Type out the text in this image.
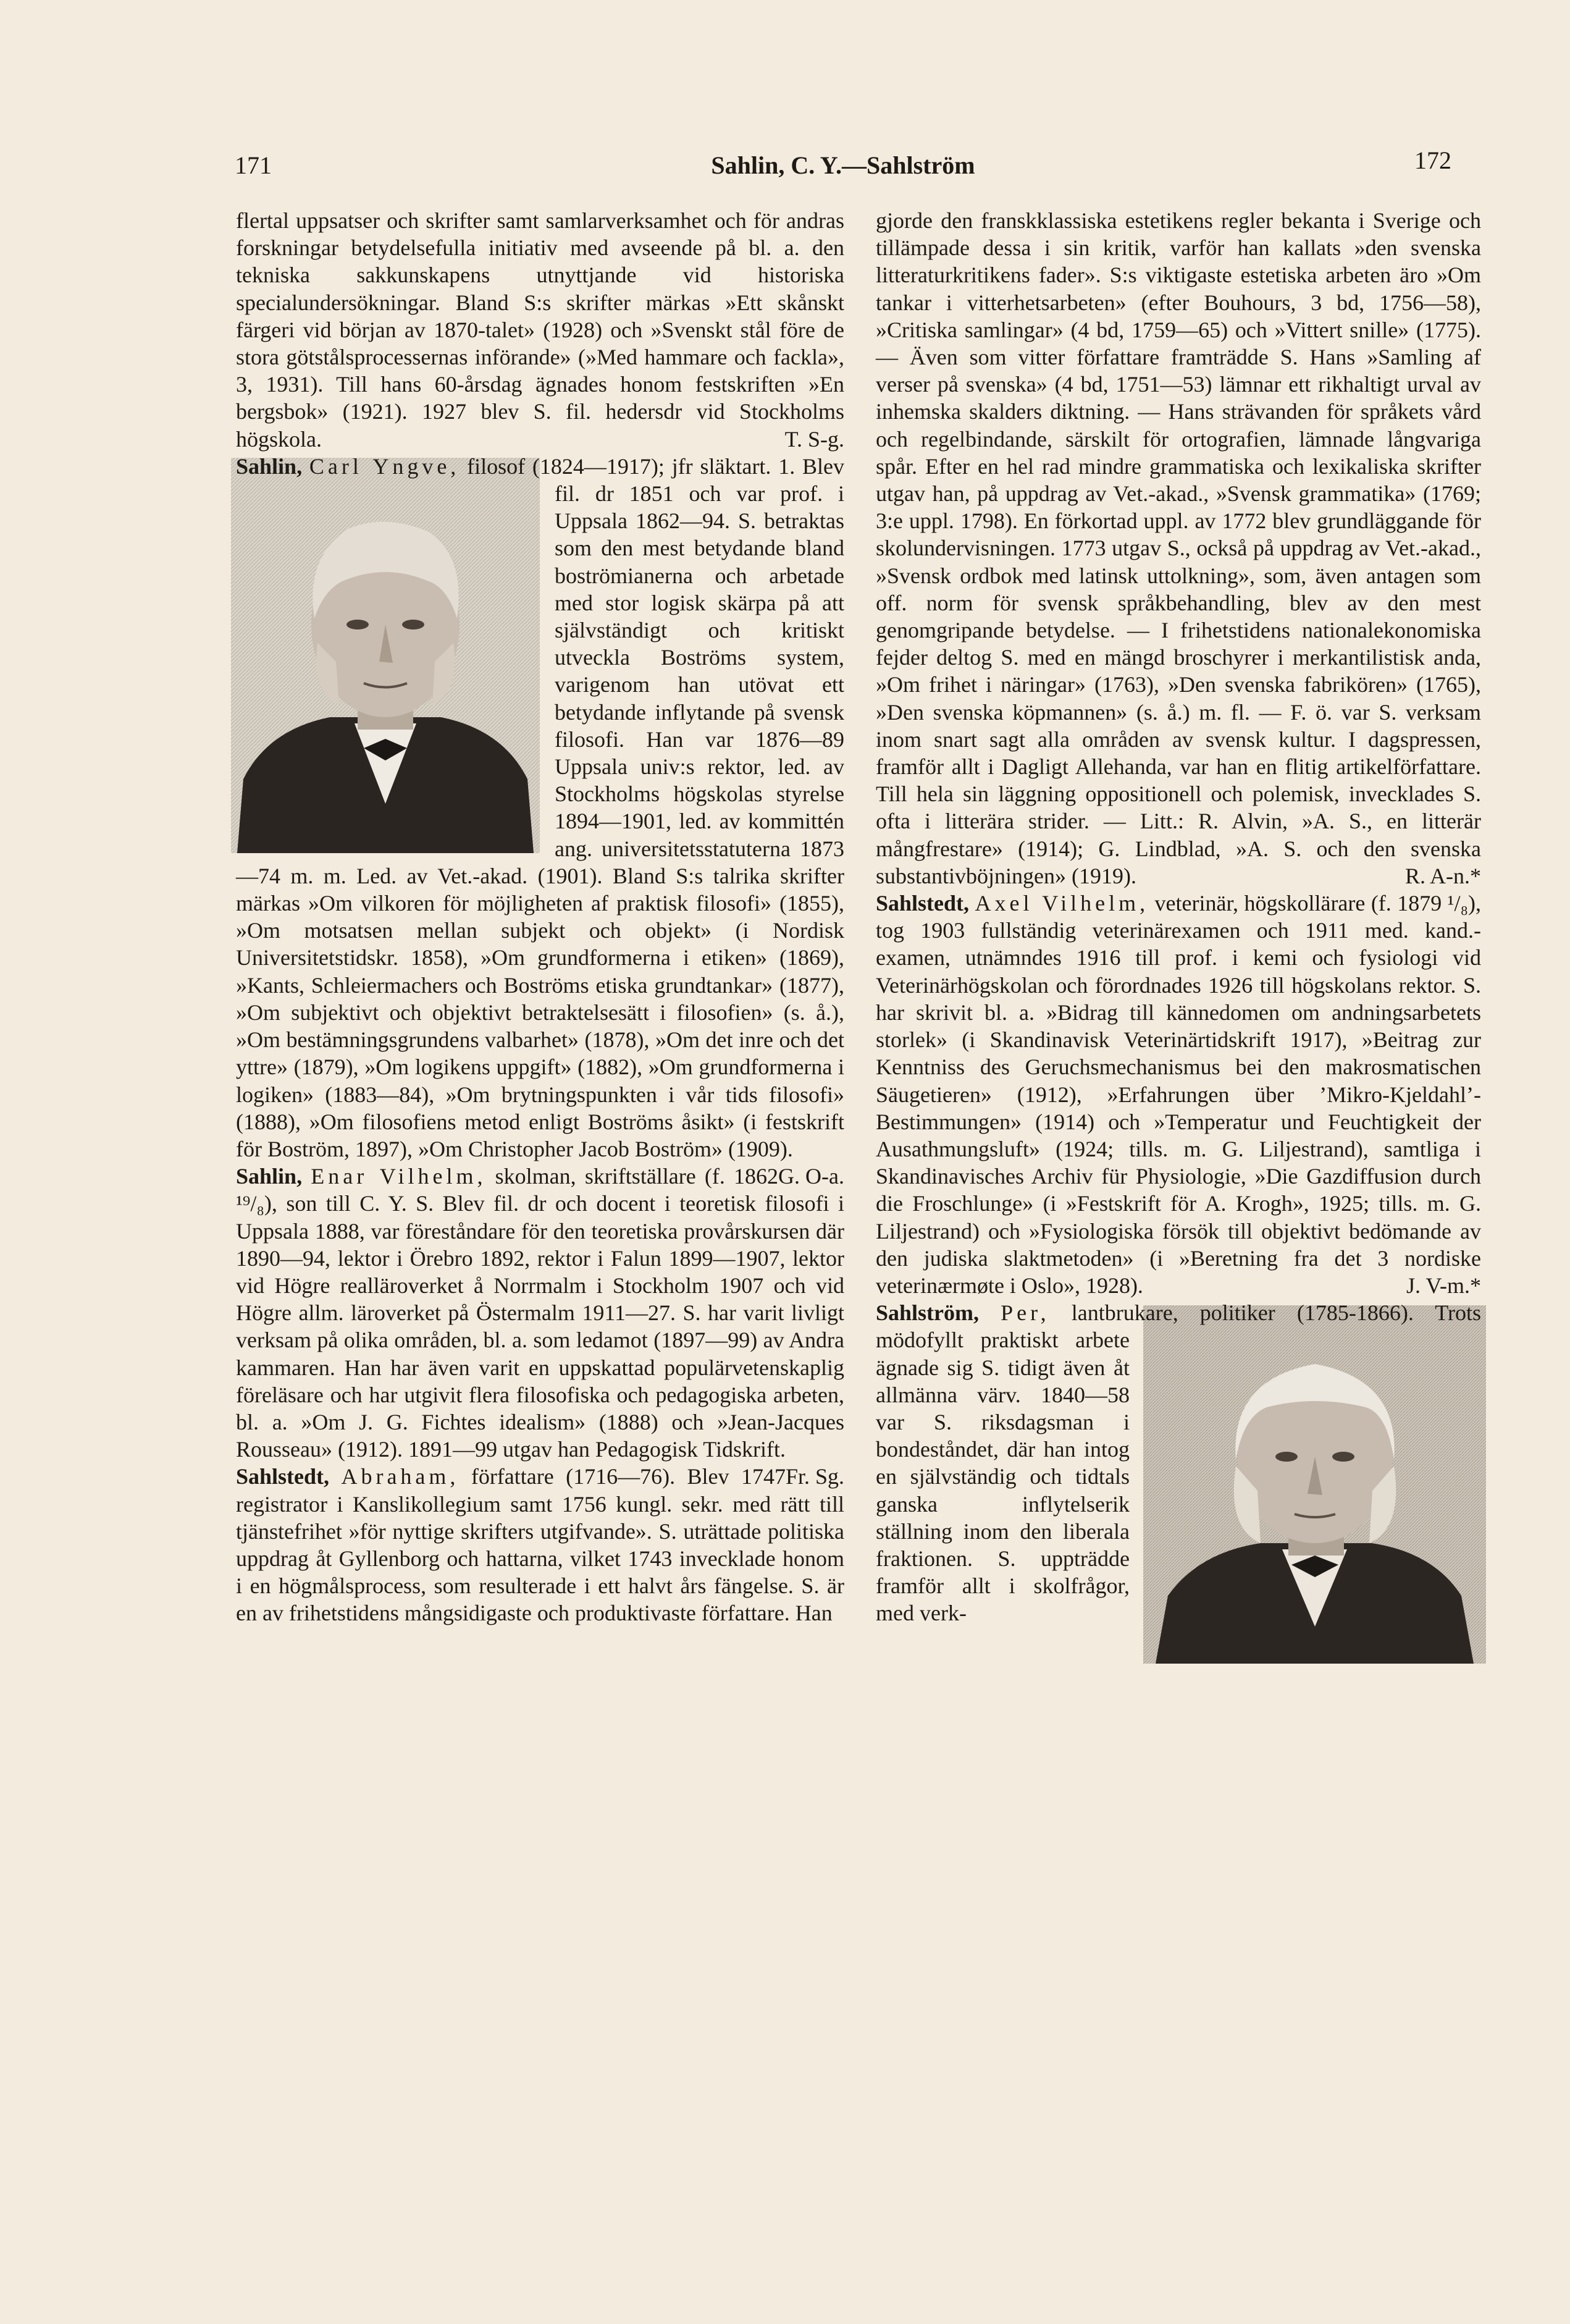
171	Sahlin, C. Y.—Sahlström	172

flertal uppsatser och skrifter samt samlarverksamhet och för andras forskningar betydelsefulla initiativ med avseende på bl. a. den tekniska sakkunskapens utnyttjande vid historiska specialundersökningar. Bland S:s skrifter märkas »Ett skånskt färgeri vid början av 1870-talet» (1928) och »Svenskt stål före de stora götstålsprocessernas införande» (»Med hammare och fackla», 3, 1931). Till hans 60-årsdag ägnades honom festskriften »En bergsbok» (1921). 1927 blev S. fil. hedersdr vid Stockholms högskola.	T. S-g.

Sahlin, Carl Yngve, filosof (1824—1917); jfr släktart. 1. Blev fil. dr 1851 och var prof. i Uppsala 1862—94. S. betraktas som den mest betydande bland boströmianerna och arbetade med stor logisk skärpa på att självständigt och kritiskt utveckla Boströms system, varigenom han utövat ett betydande inflytande på svensk filosofi. Han var 1876—89 Uppsala univ:s rektor, led. av Stockholms högskolas styrelse 1894—1901, led. av kommittén ang. universitetsstatuterna 1873—74 m. m. Led. av Vet.-akad. (1901). Bland S:s talrika skrifter märkas »Om vilkoren för möjligheten af praktisk filosofi» (1855), »Om motsatsen mellan subjekt och objekt» (i Nordisk Universitetstidskr. 1858), »Om grundformerna i etiken» (1869), »Kants, Schleiermachers och Boströms etiska grundtankar» (1877), »Om subjektivt och objektivt betraktelsesätt i filosofien» (s. å.), »Om bestämningsgrundens valbarhet» (1878), »Om det inre och det yttre» (1879), »Om logikens uppgift» (1882), »Om grundformerna i logiken» (1883—84), »Om brytningspunkten i vår tids filosofi» (1888), »Om filosofiens metod enligt Boströms åsikt» (i festskrift för Boström, 1897), »Om Christopher Jacob Boström» (1909).
G. O-a.

Sahlin, Enar Vilhelm, skolman, skriftställare (f. 1862 ¹⁹/₈), son till C. Y. S. Blev fil. dr och docent i teoretisk filosofi i Uppsala 1888, var föreståndare för den teoretiska provårskursen där 1890—94, lektor i Örebro 1892, rektor i Falun 1899—1907, lektor vid Högre realläroverket å Norrmalm i Stockholm 1907 och vid Högre allm. läroverket på Östermalm 1911—27. S. har varit livligt verksam på olika områden, bl. a. som ledamot (1897—99) av Andra kammaren. Han har även varit en uppskattad populärvetenskaplig föreläsare och har utgivit flera filosofiska och pedagogiska arbeten, bl. a. »Om J. G. Fichtes idealism» (1888) och »Jean-Jacques Rousseau» (1912). 1891—99 utgav han Pedagogisk Tidskrift.
Fr. Sg.

Sahlstedt, Abraham, författare (1716—76). Blev 1747 registrator i Kanslikollegium samt 1756 kungl. sekr. med rätt till tjänstefrihet »för nyttige skrifters utgifvande». S. uträttade politiska uppdrag åt Gyllenborg och hattarna, vilket 1743 invecklade honom i en högmålsprocess, som resulterade i ett halvt års fängelse. S. är en av frihetstidens mångsidigaste och produktivaste författare. Han

gjorde den franskklassiska estetikens regler bekanta i Sverige och tillämpade dessa i sin kritik, varför han kallats »den svenska litteraturkritikens fader». S:s viktigaste estetiska arbeten äro »Om tankar i vitterhetsarbeten» (efter Bouhours, 3 bd, 1756—58), »Critiska samlingar» (4 bd, 1759—65) och »Vittert snille» (1775). — Även som vitter författare framträdde S. Hans »Samling af verser på svenska» (4 bd, 1751—53) lämnar ett rikhaltigt urval av inhemska skalders diktning. — Hans strävanden för språkets vård och regelbindande, särskilt för ortografien, lämnade långvariga spår. Efter en hel rad mindre grammatiska och lexikaliska skrifter utgav han, på uppdrag av Vet.-akad., »Svensk grammatika» (1769; 3:e uppl. 1798). En förkortad uppl. av 1772 blev grundläggande för skolundervisningen. 1773 utgav S., också på uppdrag av Vet.-akad., »Svensk ordbok med latinsk uttolkning», som, även antagen som off. norm för svensk språkbehandling, blev av den mest genomgripande betydelse. — I frihetstidens nationalekonomiska fejder deltog S. med en mängd broschyrer i merkantilistisk anda, »Om frihet i näringar» (1763), »Den svenska fabrikören» (1765), »Den svenska köpmannen» (s. å.) m. fl. — F. ö. var S. verksam inom snart sagt alla områden av svensk kultur. I dagspressen, framför allt i Dagligt Allehanda, var han en flitig artikelförfattare. Till hela sin läggning oppositionell och polemisk, invecklades S. ofta i litterära strider. — Litt.: R. Alvin, »A. S., en litterär mångfrestare» (1914); G. Lindblad, »A. S. och den svenska substantivböjningen» (1919).	R. A-n.*

Sahlstedt, Axel Vilhelm, veterinär, högskollärare (f. 1879 ¹/₈), tog 1903 fullständig veterinärexamen och 1911 med. kand.-examen, utnämndes 1916 till prof. i kemi och fysiologi vid Veterinärhögskolan och förordnades 1926 till högskolans rektor. S. har skrivit bl. a. »Bidrag till kännedomen om andningsarbetets storlek» (i Skandinavisk Veterinärtidskrift 1917), »Beitrag zur Kenntniss des Geruchsmechanismus bei den makrosmatischen Säugetieren» (1912), »Erfahrungen über ’Mikro-Kjeldahl’-Bestimmungen» (1914) och »Temperatur und Feuchtigkeit der Ausathmungsluft» (1924; tills. m. G. Liljestrand), samtliga i Skandinavisches Archiv für Physiologie, »Die Gazdiffusion durch die Froschlunge» (i »Festskrift för A. Krogh», 1925; tills. m. G. Liljestrand) och »Fysiologiska försök till objektivt bedömande av den judiska slaktmetoden» (i »Beretning fra det 3 nordiske veterinærmøte i Oslo», 1928).	J. V-m.*

Sahlström, Per, lantbrukare, politiker (1785-1866). Trots mödofyllt praktiskt arbete ägnade sig S. tidigt även åt allmänna värv. 1840—58 var S. riksdagsman i bondeståndet, där han intog en självständig och tidtals ganska inflytelserik ställning inom den liberala fraktionen. S. uppträdde framför allt i skolfrågor, med verk-
